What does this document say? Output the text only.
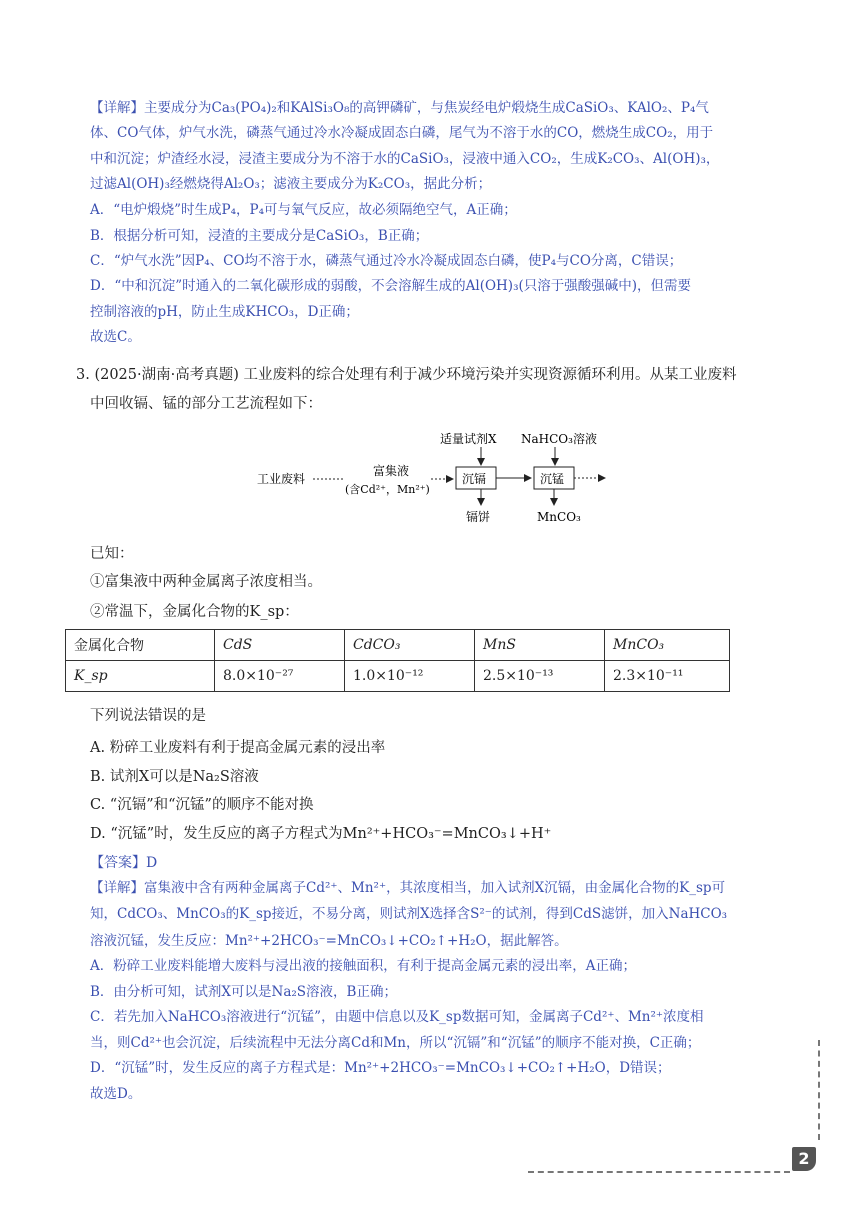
【详解】主要成分为Ca₃(PO₄)₂和KAlSi₃O₈的高钾磷矿，与焦炭经电炉煅烧生成CaSiO₃、KAlO₂、P₄气
体、CO气体，炉气水洗，磷蒸气通过冷水冷凝成固态白磷，尾气为不溶于水的CO，燃烧生成CO₂，用于
中和沉淀；炉渣经水浸，浸渣主要成分为不溶于水的CaSiO₃，浸液中通入CO₂，生成K₂CO₃、Al(OH)₃，
过滤Al(OH)₃经燃烧得Al₂O₃；滤液主要成分为K₂CO₃，据此分析；
A．“电炉煅烧”时生成P₄，P₄可与氧气反应，故必须隔绝空气，A正确；
B．根据分析可知，浸渣的主要成分是CaSiO₃，B正确；
C．“炉气水洗”因P₄、CO均不溶于水，磷蒸气通过冷水冷凝成固态白磷，使P₄与CO分离，C错误；
D．“中和沉淀”时通入的二氧化碳形成的弱酸，不会溶解生成的Al(OH)₃(只溶于强酸强碱中)，但需要
控制溶液的pH，防止生成KHCO₃，D正确；
故选C。
3. (2025·湖南·高考真题) 工业废料的综合处理有利于减少环境污染并实现资源循环利用。从某工业废料
中回收镉、锰的部分工艺流程如下：
工业废料
富集液
(含Cd²⁺，Mn²⁺)
适量试剂X
沉镉
镉饼
NaHCO₃溶液
沉锰
MnCO₃
已知：
①富集液中两种金属离子浓度相当。
②常温下，金属化合物的K_sp：
金属化合物	CdS	CdCO₃	MnS	MnCO₃
K_sp	8.0×10⁻²⁷	1.0×10⁻¹²	2.5×10⁻¹³	2.3×10⁻¹¹
下列说法错误的是
A. 粉碎工业废料有利于提高金属元素的浸出率
B. 试剂X可以是Na₂S溶液
C. “沉镉”和“沉锰”的顺序不能对换
D. “沉锰”时，发生反应的离子方程式为Mn²⁺+HCO₃⁻=MnCO₃↓+H⁺
【答案】D
【详解】富集液中含有两种金属离子Cd²⁺、Mn²⁺，其浓度相当，加入试剂X沉镉，由金属化合物的K_sp可
知，CdCO₃、MnCO₃的K_sp接近，不易分离，则试剂X选择含S²⁻的试剂，得到CdS滤饼，加入NaHCO₃
溶液沉锰，发生反应：Mn²⁺+2HCO₃⁻=MnCO₃↓+CO₂↑+H₂O，据此解答。
A．粉碎工业废料能增大废料与浸出液的接触面积，有利于提高金属元素的浸出率，A正确；
B．由分析可知，试剂X可以是Na₂S溶液，B正确；
C．若先加入NaHCO₃溶液进行“沉锰”，由题中信息以及K_sp数据可知，金属离子Cd²⁺、Mn²⁺浓度相
当，则Cd²⁺也会沉淀，后续流程中无法分离Cd和Mn，所以“沉镉”和“沉锰”的顺序不能对换，C正确；
D．“沉锰”时，发生反应的离子方程式是：Mn²⁺+2HCO₃⁻=MnCO₃↓+CO₂↑+H₂O，D错误；
故选D。
2
